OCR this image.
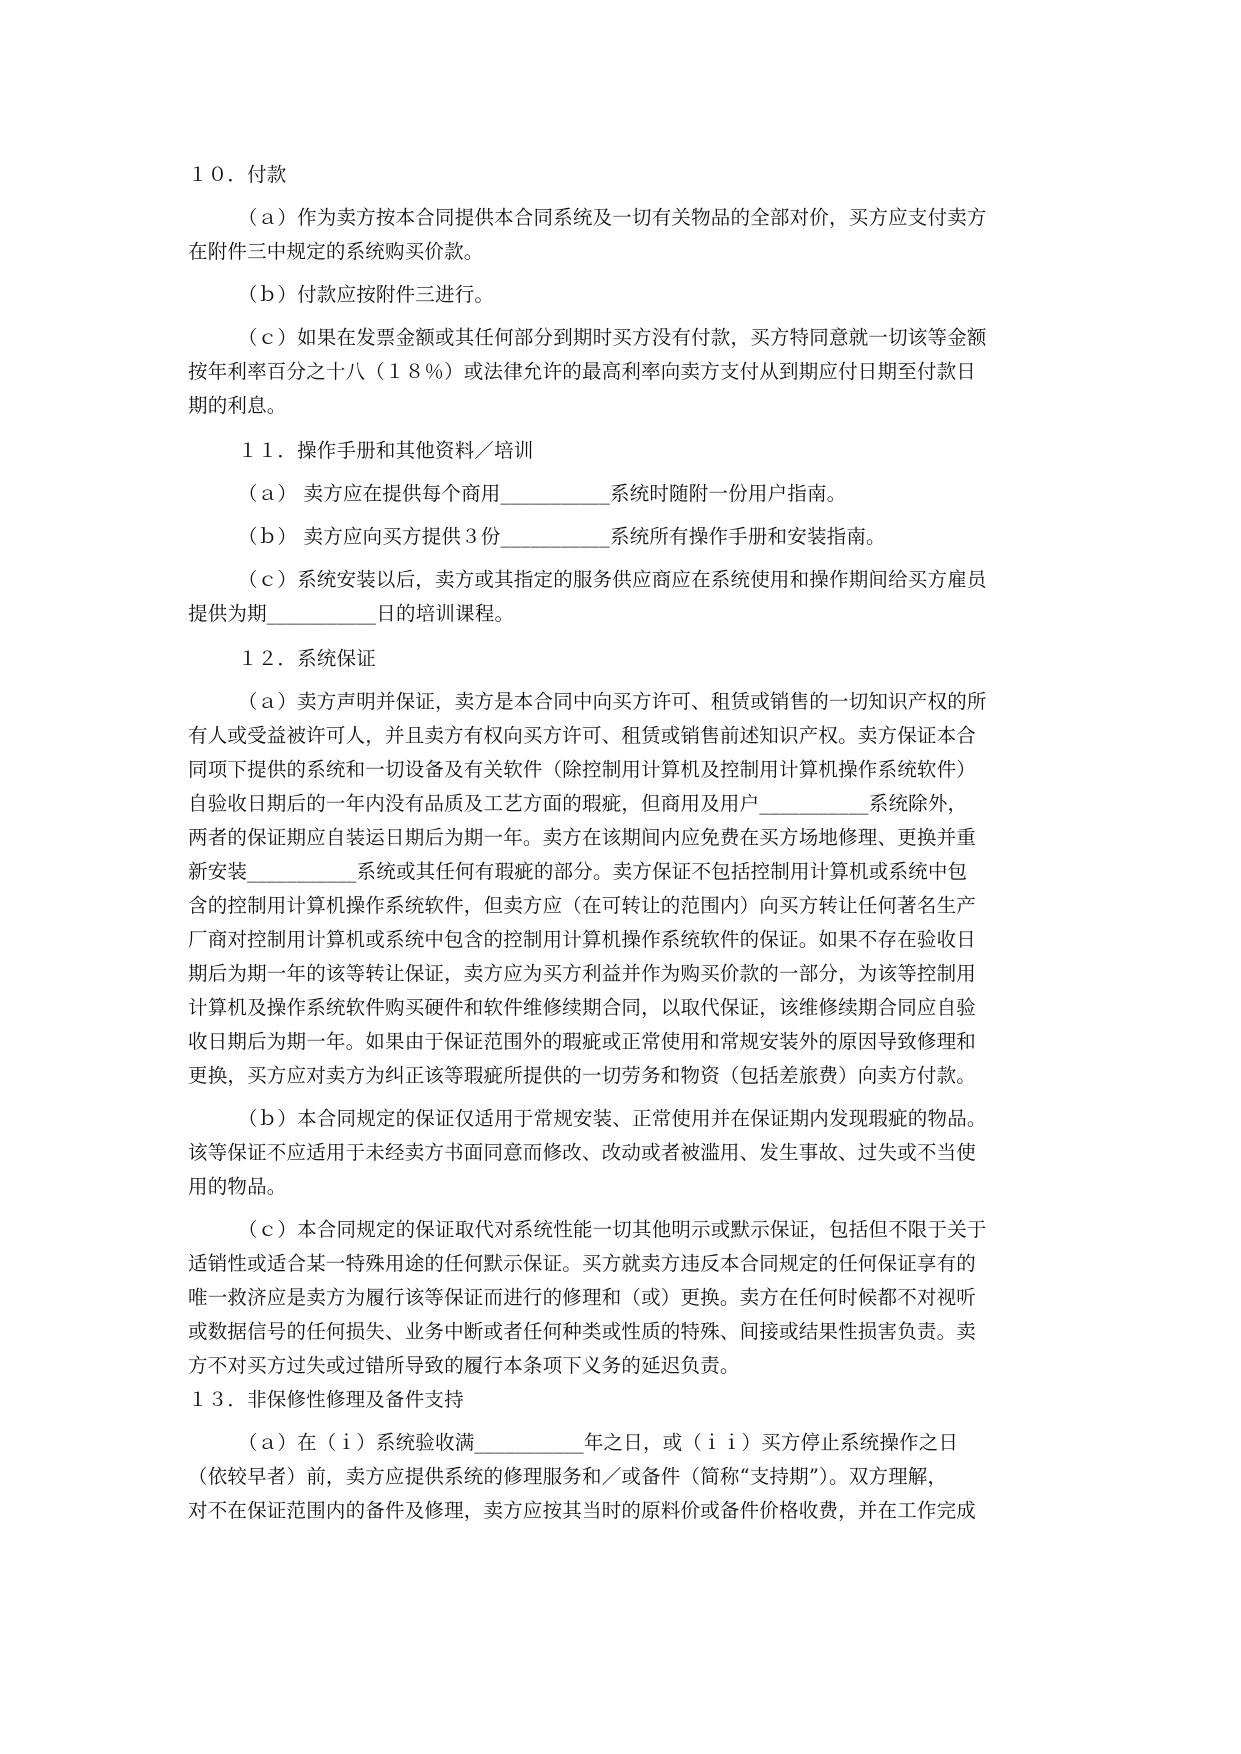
１０．付款
（ａ）作为卖方按本合同提供本合同系统及一切有关物品的全部对价，买方应支付卖方
在附件三中规定的系统购买价款。
（ｂ）付款应按附件三进行。
（ｃ）如果在发票金额或其任何部分到期时买方没有付款，买方特同意就一切该等金额
按年利率百分之十八（１８％）或法律允许的最高利率向卖方支付从到期应付日期至付款日
期的利息。
１１．操作手册和其他资料／培训
（ａ） 卖方应在提供每个商用___________系统时随附一份用户指南。
（ｂ） 卖方应向买方提供３份___________系统所有操作手册和安装指南。
（ｃ）系统安装以后，卖方或其指定的服务供应商应在系统使用和操作期间给买方雇员
提供为期___________日的培训课程。
１２．系统保证
（ａ）卖方声明并保证，卖方是本合同中向买方许可、租赁或销售的一切知识产权的所
有人或受益被许可人，并且卖方有权向买方许可、租赁或销售前述知识产权。卖方保证本合
同项下提供的系统和一切设备及有关软件（除控制用计算机及控制用计算机操作系统软件）
自验收日期后的一年内没有品质及工艺方面的瑕疵，但商用及用户___________系统除外，
两者的保证期应自装运日期后为期一年。卖方在该期间内应免费在买方场地修理、更换并重
新安装___________系统或其任何有瑕疵的部分。卖方保证不包括控制用计算机或系统中包
含的控制用计算机操作系统软件，但卖方应（在可转让的范围内）向买方转让任何著名生产
厂商对控制用计算机或系统中包含的控制用计算机操作系统软件的保证。如果不存在验收日
期后为期一年的该等转让保证，卖方应为买方利益并作为购买价款的一部分，为该等控制用
计算机及操作系统软件购买硬件和软件维修续期合同，以取代保证，该维修续期合同应自验
收日期后为期一年。如果由于保证范围外的瑕疵或正常使用和常规安装外的原因导致修理和
更换，买方应对卖方为纠正该等瑕疵所提供的一切劳务和物资（包括差旅费）向卖方付款。
（ｂ）本合同规定的保证仅适用于常规安装、正常使用并在保证期内发现瑕疵的物品。
该等保证不应适用于未经卖方书面同意而修改、改动或者被滥用、发生事故、过失或不当使
用的物品。
（ｃ）本合同规定的保证取代对系统性能一切其他明示或默示保证，包括但不限于关于
适销性或适合某一特殊用途的任何默示保证。买方就卖方违反本合同规定的任何保证享有的
唯一救济应是卖方为履行该等保证而进行的修理和（或）更换。卖方在任何时候都不对视听
或数据信号的任何损失、业务中断或者任何种类或性质的特殊、间接或结果性损害负责。卖
方不对买方过失或过错所导致的履行本条项下义务的延迟负责。
１３．非保修性修理及备件支持
（ａ）在（ｉ）系统验收满___________年之日，或（ｉｉ）买方停止系统操作之日
（依较早者）前，卖方应提供系统的修理服务和／或备件（简称“支持期”）。双方理解，
对不在保证范围内的备件及修理，卖方应按其当时的原料价或备件价格收费，并在工作完成
